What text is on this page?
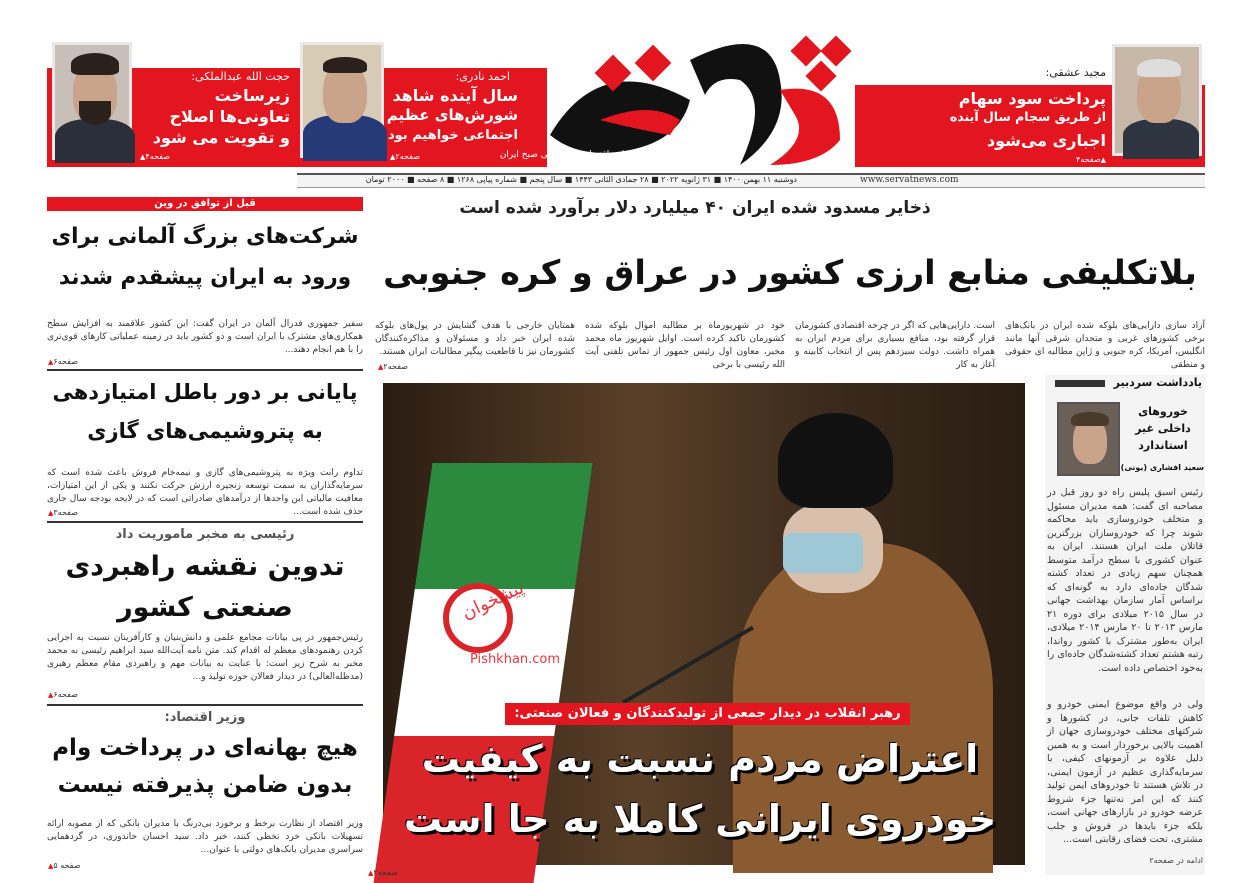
روزنامه اقتصادی، اجتماعی صبح ایران
دوشنبه ۱۱ بهمن ۱۴۰۰ ■ ۳۱ ژانویه ۲۰۲۲ ■ ۲۸ جمادی الثانی ۱۴۴۳ ■ سال پنجم ■ شماره پیاپی ۱۲۶۸ ■ ۸ صفحه ■ ۲۰۰۰ تومان	www.servatnews.com
مجید عشقی:
پرداخت سود سهام
از طریق سجام سال آینده
اجباری می‌شود
▲ صفحه۴
احمد نادری:
سال آینده شاهد
شورش‌های عظیم
اجتماعی خواهیم بود
▲ صفحه۲
حجت الله عبدالملکی:
زیرساخت
تعاونی‌ها اصلاح
و تقویت می شود
▲ صفحه۴
ذخایر مسدود شده ایران ۴۰ میلیارد دلار برآورد شده است
بلاتکلیفی منابع ارزی کشور در عراق و کره جنوبی
آزاد سازی دارایی‌های بلوکه شده ایران در بانک‌های برخی کشورهای غربی و متحدان شرقی آنها مانند انگلیس، آمریکا، کره جنوبی و ژاپن مطالبه ای حقوقی و منطقی
است. دارایی‌هایی که اگر در چرخه اقتصادی کشورمان قرار گرفته بود، منافع بسیاری برای مردم ایران به همراه داشت. دولت سیزدهم پس از انتخاب کابینه و آغاز به کار
خود در شهریورماه بر مطالبه اموال بلوکه شده کشورمان تاکید کرده است. اوایل شهریور ماه محمد مخبر، معاون اول رئیس جمهور از تماس تلفنی آیت الله رئیسی با برخی
همتایان خارجی با هدف گشایش در پول‌های بلوکه شده ایران خبر داد و مسئولان و مذاکره‌کنندگان کشورمان نیز با قاطعیت پیگیر مطالبات ایران هستند.
▲ صفحه۲
پیشخوان
Pishkhan.com
رهبر انقلاب در دیدار جمعی از تولیدکنندگان و فعالان صنعتی:
اعتراض مردم نسبت به کیفیت
خودروی ایرانی کاملا به جا است
▲ صفحه۲
قبل از توافق در وین
شرکت‌های بزرگ آلمانی برای ورود به ایران پیشقدم شدند
سفیر جمهوری فدرال آلمان در ایران گفت: این کشور علاقمند به افزایش سطح همکاری‌های مشترک با ایران است و دو کشور باید در زمینه عملیاتی کارهای قوی‌تری را با هم انجام دهند...
▲ صفحه۶
پایانی بر دور باطل امتیازدهی به پتروشیمی‌های گازی
تداوم رانت ویژه به پتروشیمی‌های گازی و نیمه‌خام فروش باعث شده است که سرمایه‌گذاران به سمت توسعه زنجیره ارزش حرکت نکنند و یکی از این امتیازات، معافیت مالیاتی این واحدها از درآمدهای صادراتی است که در لایحه بودجه سال جاری حذف شده است...
▲ صفحه۳
رئیسی به مخبر ماموریت داد
تدوین نقشه راهبردی صنعتی کشور
رئیس‌جمهور در پی بیانات مجامع علمی و دانش‌بنیان و کارآفرینان نسبت به اجرایی کردن رهنمودهای معظم له اقدام کند. متن نامه آیت‌الله سید ابراهیم رئیسی به محمد مخبر به شرح زیر است: با عنایت به بیانات مهم و راهبردی مقام معظم رهبری (مدظله‌العالی) در دیدار فعالان حوزه تولید و...
▲ صفحه۶
وزیر اقتصاد:
هیچ بهانه‌ای در پرداخت وام بدون ضامن پذیرفته نیست
وزیر اقتصاد از نظارت برخط و برخورد بی‌درنگ با مدیران بانکی که از مصوبه ارائه تسهیلات بانکی خرد تخطی کنند، خبر داد. سید احسان خاندوزی، در گردهمایی سراسری مدیران بانک‌های دولتی با عنوان...
▲ صفحه ۵
یادداشت سردبیر
خوروهای داخلی غیر استاندارد
سعید افشاری (یونی)
رئیس اسبق پلیس راه دو روز قبل در مصاحبه ای گفت: همه مدیران مسئول و متخلف خودروسازی باید محاکمه شوند چرا که خودروسازان بزرگترین قاتلان ملت ایران هستند. ایران به عنوان کشوری با سطح درآمد متوسط همچنان سهم زیادی در تعداد کشته شدگان جاده‌ای دارد به گونه‌ای که براساس آمار سازمان بهداشت جهانی در سال ۲۰۱۵ میلادی برای دوره ۲۱ مارس ۲۰۱۳ تا ۲۰ مارس ۲۰۱۴ میلادی، ایران به‌طور مشترک با کشور رواندا، رتبه هشتم تعداد کشته‌شدگان جاده‌ای را به‌خود اختصاص داده است.
ولی در واقع موضوع ایمنی خودرو و کاهش تلفات جانی، در کشورها و شرکتهای مختلف خودروسازی جهان از اهمیت بالایی برخوردار است و به همین دلیل علاوه بر آزمونهای کیفی، با سرمایه‌گذاری عظیم در آزمون ایمنی، در تلاش هستند تا خودروهای ایمن تولید کنند که این امر نه‌تنها جزء شروط عرضه خودرو در بازارهای جهانی است، بلکه جزء بایدها در فروش و جلب مشتری، تحت فضای رقابتی است...
ادامه در صفحه۲
